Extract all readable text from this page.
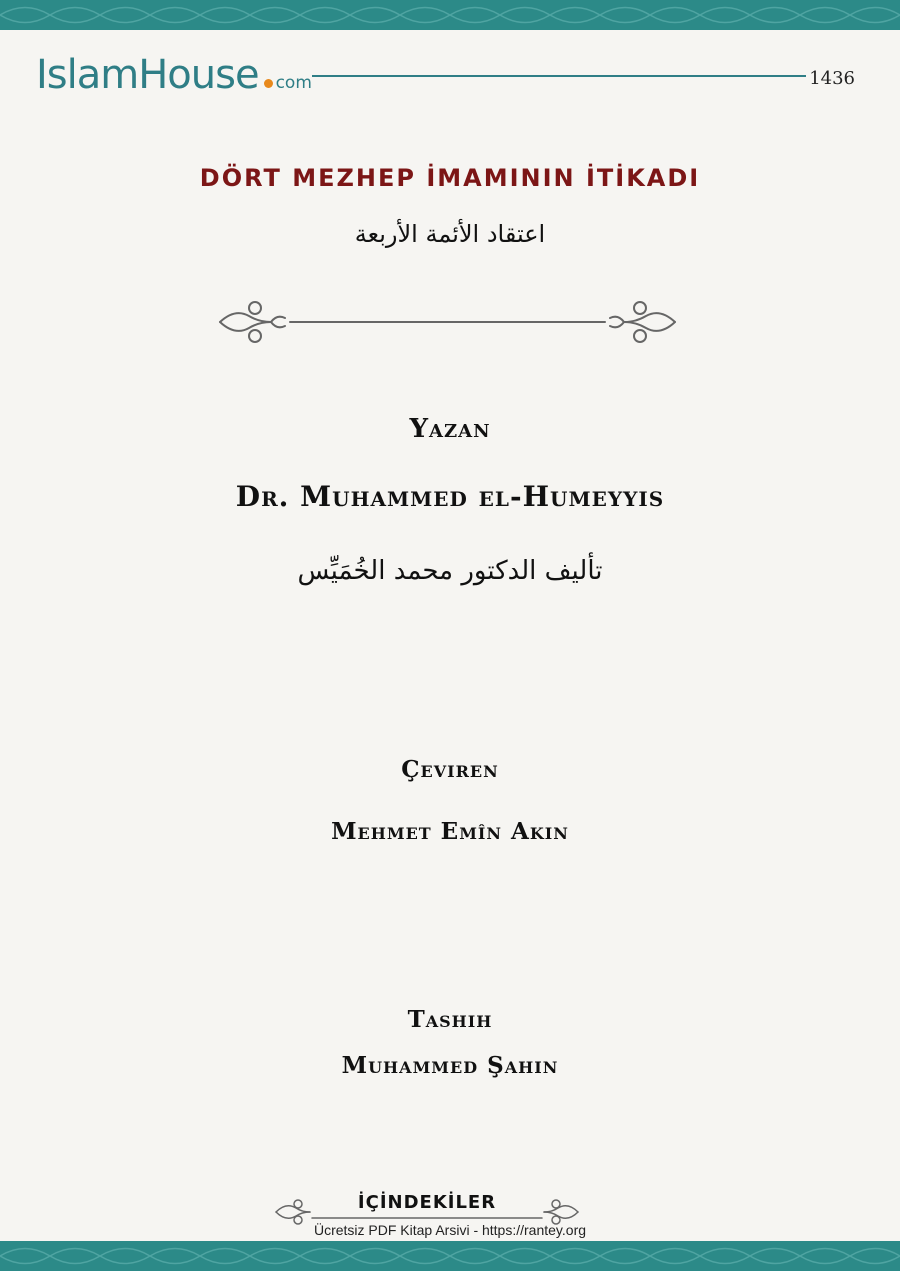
IslamHouse com	1436
DÖRT MEZHEP İMAMININ İTİKADI
اعتقاد الأئمة الأربعة
Yazan
Dr. Muhammed el-Humeyyis
تأليف الدكتور محمد الخُمَيِّس
Çeviren
Mehmet Emîn Akın
Tashih
Muhammed Şahin
İÇİNDEKİLER
Ücretsiz PDF Kitap Arsivi - https://rantey.org
